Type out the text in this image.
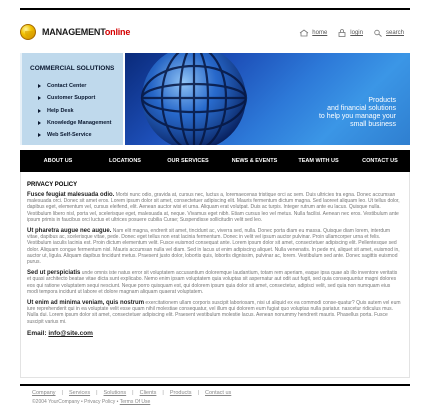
MANAGEMENTonline	home	login	search
COMMERCIAL SOLUTIONS
Contact Center
Customer Support
Help Desk
Knowledge Management
Web Self-Service
Products
and financial solutions
to help you manage your
small business
ABOUT US	LOCATIONS	OUR SERVICES	NEWS & EVENTS	TEAM WITH US	CONTACT US
PRIVACY POLICY

Fusce feugiat malesuada odio. Morbi nunc odio, gravida at, cursus nec, luctus a, loremaecenas tristique orci ac sem. Duis ultricies tra egna. Donec accumsan malesuada orci. Donec sit amet eros. Lorem ipsum dolor sit amet, consectetuer adipiscing elit. Mauris fermentum dictum magna. Sed laoreet aliquam leo. Ut tellus dolor, dapibus eget, elementum vel, cursus eleifend, elit. Aenean auctor wisi et urna. Aliquam erat volutpat. Duis ac turpis. Integer rutrum ante eu lacus. Quisque nulla. Vestibulum libero nisl, porta vel, scelerisque eget, malesuada at, neque. Vivamus eget nibh. Etiam cursus leo vel metus. Nulla facilisi. Aenean nec eros. Vestibulum ante ipsum primis in faucibus orci luctus et ultrices posuere cubilia Curae; Suspendisse sollicitudin velit sed leo.

Ut pharetra augue nec augue. Nam elit magna, endrerit sit amet, tincidunt ac, viverra sed, nulla. Donec porta diam eu massa. Quisque diam lorem, interdum vitae, dapibus ac, scelerisque vitae, pede. Donec eget tellus non erat lacinia fermentum. Donec in velit vel ipsum auctor pulvinar. Proin ullamcorper urna et felis. Vestibulum iaculis lacinia est. Proin dictum elementum velit. Fusce euismod consequat ante. Lorem ipsum dolor sit amet, consectetuer adipiscing elit. Pellentesque sed dolor. Aliquam congue fermentum nisl. Mauris accumsan nulla vel diam. Sed in lacus ut enim adipiscing aliquet. Nulla venenatis. In pede mi, aliquet sit amet, euismod in, auctor ut, ligula. Aliquam dapibus tincidunt metus. Praesent justo dolor, lobortis quis, lobortis dignissim, pulvinar ac, lorem. Vestibulum sed ante. Donec sagittis euismod purus.

Sed ut perspiciatis unde omnis iste natus error sit voluptatem accusantium doloremque laudantium, totam rem aperiam, eaque ipsa quae ab illo inventore veritatis et quasi architecto beatae vitae dicta sunt explicabo. Nemo enim ipsam voluptatem quia voluptas sit aspernatur aut odit aut fugit, sed quia consequuntur magni dolores eos qui ratione voluptatem sequi nesciunt. Neque porro quisquam est, qui dolorem ipsum quia dolor sit amet, consectetur, adipisci velit, sed quia non numquam eius modi tempora incidunt ut labore et dolore magnam aliquam quaerat voluptatem.

Ut enim ad minima veniam, quis nostrum exercitationem ullam corporis suscipit laboriosam, nisi ut aliquid ex ea commodi conse-quatur? Quis autem vel eum iure reprehenderit qui in ea voluptate velit esse quam nihil molestiae consequatur, vel illum qui dolorem eum fugiat quo voluptas nulla pariatur. nascetur ridiculus mus. Nulla dui. Lorem ipsum dolor sit amet, consectetuer adipiscing elit. Praesent vestibulum molestie lacus. Aenean nonummy hendrerit mauris. Phasellus porta. Fusce suscipit varius mi.

Email: info@site.com
Company | Services | Solutions | Clients | Products | Contact us
©2004 YourCompany • Privacy Policy • Terms Of Use
